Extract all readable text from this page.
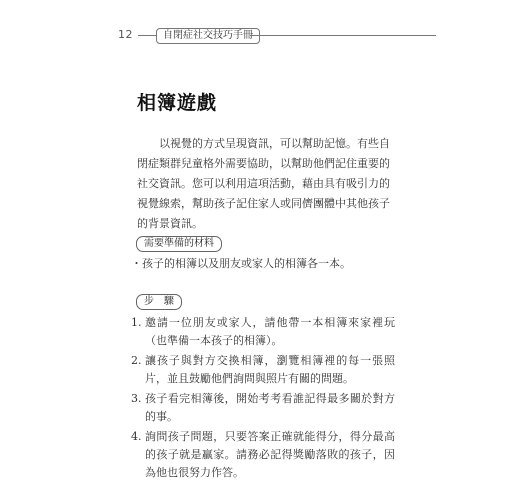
12	自閉症社交技巧手冊
相簿遊戲

以視覺的方式呈現資訊，可以幫助記憶。有些自閉症類群兒童格外需要協助，以幫助他們記住重要的社交資訊。您可以利用這項活動，藉由具有吸引力的視覺線索，幫助孩子記住家人或同儕團體中其他孩子的背景資訊。

需要準備的材料
・孩子的相簿以及朋友或家人的相簿各一本。
步　驟
1. 邀請一位朋友或家人，請他帶一本相簿來家裡玩（也準備一本孩子的相簿）。
2. 讓孩子與對方交換相簿，瀏覽相簿裡的每一張照片，並且鼓勵他們詢問與照片有關的問題。
3. 孩子看完相簿後，開始考考看誰記得最多關於對方的事。
4. 詢問孩子問題，只要答案正確就能得分，得分最高的孩子就是贏家。請務必記得獎勵落敗的孩子，因為他也很努力作答。
